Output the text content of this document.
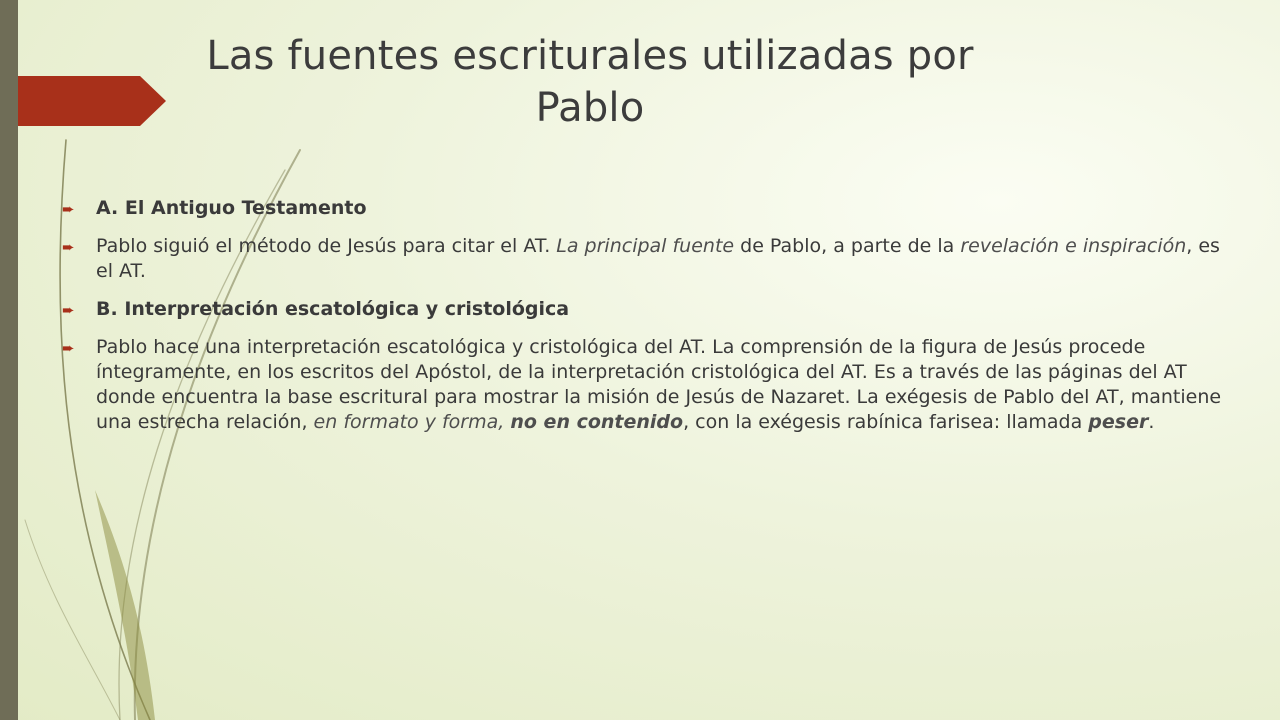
Las fuentes escriturales utilizadas por
Pablo
➨ A. El Antiguo Testamento
➨ Pablo siguió el método de Jesús para citar el AT. La principal fuente de Pablo, a parte de la revelación e inspiración, es el AT.
➨ B. Interpretación escatológica y cristológica
➨ Pablo hace una interpretación escatológica y cristológica del AT. La comprensión de la figura de Jesús procede íntegramente, en los escritos del Apóstol, de la interpretación cristológica del AT. Es a través de las páginas del AT donde encuentra la base escritural para mostrar la misión de Jesús de Nazaret. La exégesis de Pablo del AT, mantiene una estrecha relación, en formato y forma, no en contenido, con la exégesis rabínica farisea: llamada peser.
